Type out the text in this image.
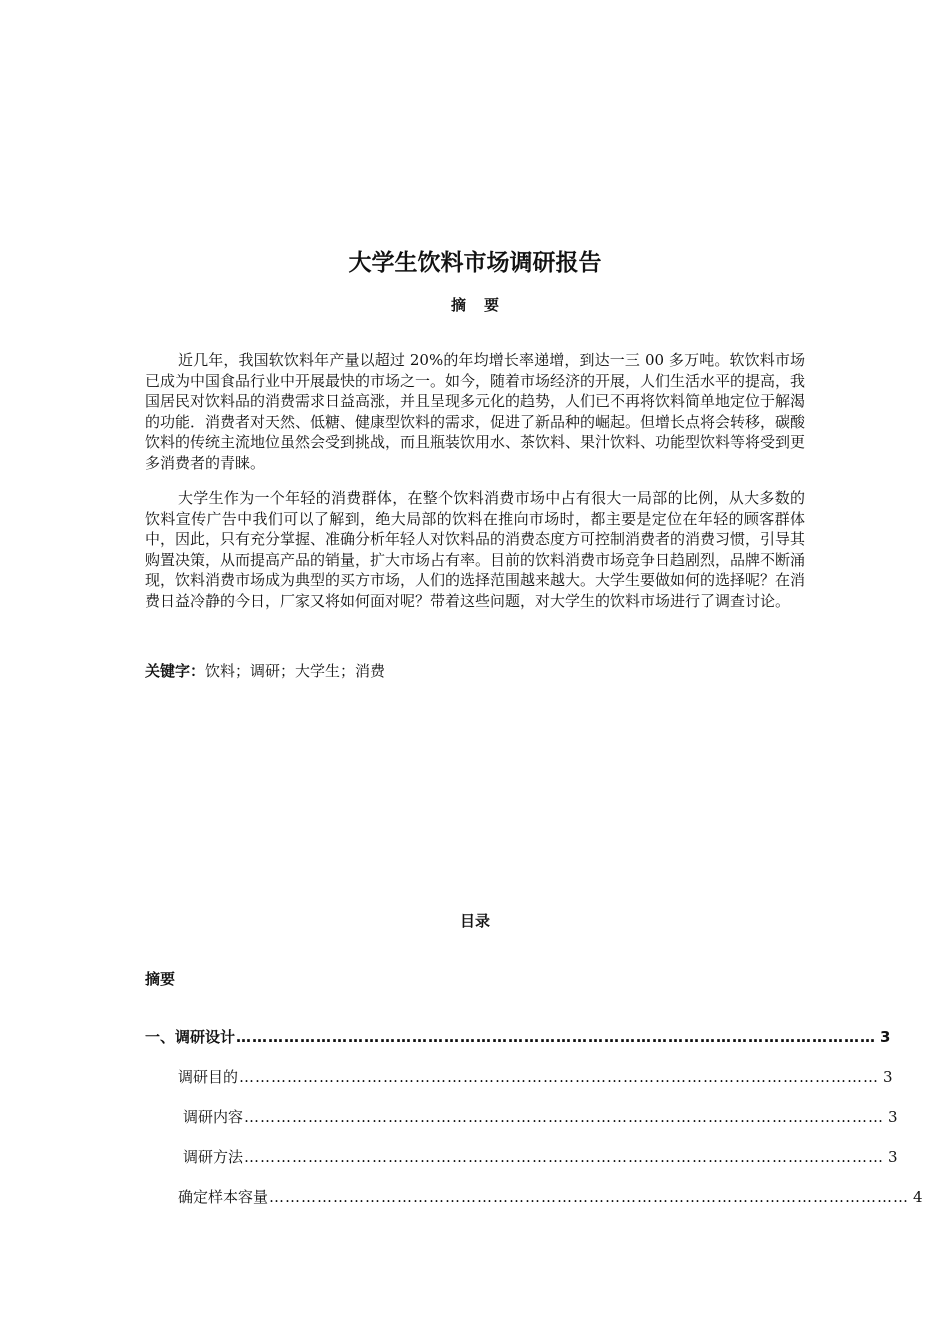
大学生饮料市场调研报告
摘要

近几年，我国软饮料年产量以超过 20%的年均增长率递增，到达一三 00 多万吨。软饮料市场已成为中国食品行业中开展最快的市场之一。如今，随着市场经济的开展，人们生活水平的提高，我国居民对饮料品的消费需求日益高涨，并且呈现多元化的趋势，人们已不再将饮料简单地定位于解渴的功能．消费者对天然、低糖、健康型饮料的需求，促进了新品种的崛起。但增长点将会转移，碳酸饮料的传统主流地位虽然会受到挑战，而且瓶装饮用水、茶饮料、果汁饮料、功能型饮料等将受到更多消费者的青睐。

大学生作为一个年轻的消费群体，在整个饮料消费市场中占有很大一局部的比例，从大多数的饮料宣传广告中我们可以了解到，绝大局部的饮料在推向市场时，都主要是定位在年轻的顾客群体中，因此，只有充分掌握、准确分析年轻人对饮料品的消费态度方可控制消费者的消费习惯，引导其购置决策，从而提高产品的销量，扩大市场占有率。目前的饮料消费市场竞争日趋剧烈，品牌不断涌现，饮料消费市场成为典型的买方市场，人们的选择范围越来越大。大学生要做如何的选择呢？在消费日益冷静的今日，厂家又将如何面对呢？带着这些问题，对大学生的饮料市场进行了调查讨论。

关键字：饮料；调研；大学生；消费
目录
摘要
一、调研设计 ………………………………………………………………………………………………………… 3
调研目的 ………………………………………………………………………………………………………… 3
调研内容 ………………………………………………………………………………………………………… 3
调研方法 ………………………………………………………………………………………………………… 3
确定样本容量 ………………………………………………………………………………………………………… 4
